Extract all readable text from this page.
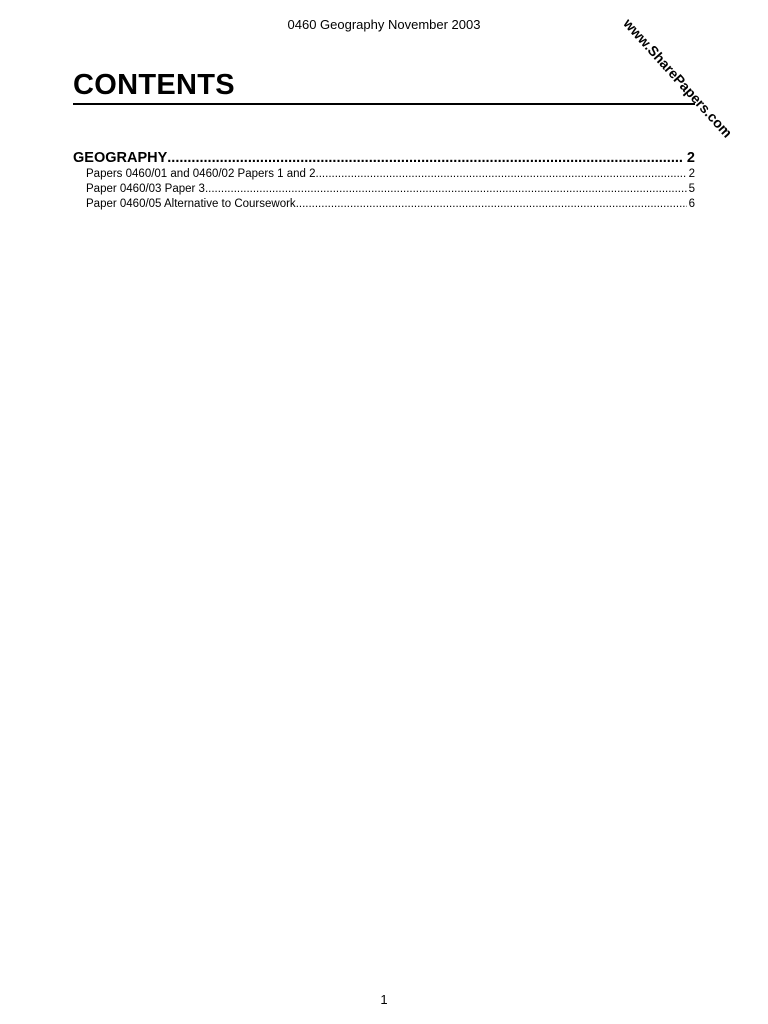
0460 Geography November 2003	www.SharePapers.com
CONTENTS
GEOGRAPHY .....	2
Papers 0460/01 and 0460/02 Papers 1 and 2 .....	2
Paper 0460/03 Paper 3 .....	5
Paper 0460/05 Alternative to Coursework .....	6
1
